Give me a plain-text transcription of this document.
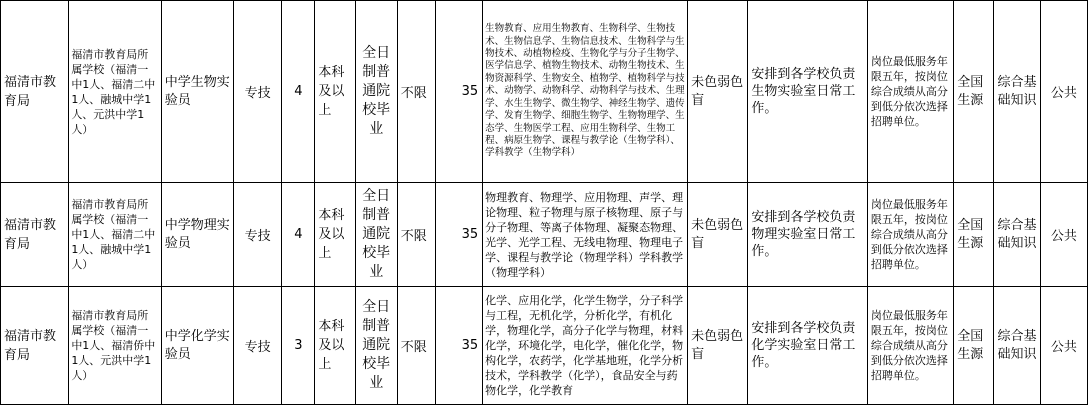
福清市教育局	福清市教育局所属学校（福清一中1人、福清二中1人、融城中学1人、元洪中学1人）	中学生物实验员	专技	4	本科及以上	全日制普通院校毕业	不限	35	生物教育、应用生物教育、生物科学、生物技术、生物信息学、生物信息技术、生物科学与生物技术、动植物检疫、生物化学与分子生物学、医学信息学、植物生物技术、动物生物技术、生物资源科学、生物安全、植物学、植物科学与技术、动物学、动物科学、动物科学与技术、生理学、水生生物学、微生物学、神经生物学、遗传学、发育生物学、细胞生物学、生物物理学、生态学、生物医学工程、应用生物科学、生物工程、病原生物学、课程与教学论（生物学科）、学科教学（生物学科）	未色弱色盲	安排到各学校负责生物实验室日常工作。	岗位最低服务年限五年，按岗位综合成绩从高分到低分依次选择招聘单位。	全国生源	综合基础知识	公共
福清市教育局	福清市教育局所属学校（福清一中1人、福清二中1人、融城中学1人）	中学物理实验员	专技	4	本科及以上	全日制普通院校毕业	不限	35	物理教育、物理学、应用物理、声学、理论物理、粒子物理与原子核物理、原子与分子物理、等离子体物理、凝聚态物理、光学、光学工程、无线电物理、物理电子学、课程与教学论（物理学科）学科教学（物理学科）	未色弱色盲	安排到各学校负责物理实验室日常工作。	岗位最低服务年限五年，按岗位综合成绩从高分到低分依次选择招聘单位。	全国生源	综合基础知识	公共
福清市教育局	福清市教育局所属学校（福清一中1人、福清侨中1人、元洪中学1人）	中学化学实验员	专技	3	本科及以上	全日制普通院校毕业	不限	35	化学、应用化学，化学生物学，分子科学与工程，无机化学，分析化学，有机化学，物理化学，高分子化学与物理，材料化学，环境化学，电化学，催化化学，物构化学，农药学，化学基地班，化学分析技术，学科教学（化学），食品安全与药物化学，化学教育	未色弱色盲	安排到各学校负责化学实验室日常工作。	岗位最低服务年限五年，按岗位综合成绩从高分到低分依次选择招聘单位。	全国生源	综合基础知识	公共
